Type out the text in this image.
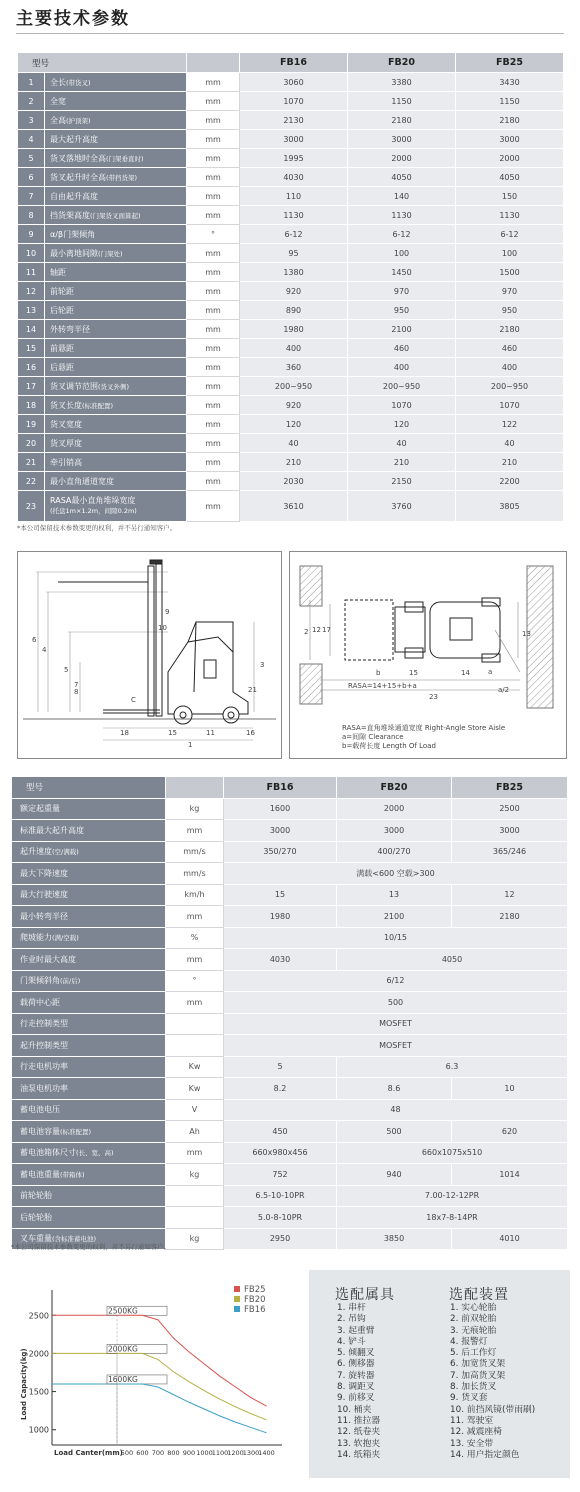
主要技术参数
型号			FB16	FB20	FB25
1	全长(带货叉)	mm	3060	3380	3430
2	全宽	mm	1070	1150	1150
3	全高(护顶架)	mm	2130	2180	2180
4	最大起升高度	mm	3000	3000	3000
5	货叉落地时全高(门架垂直时)	mm	1995	2000	2000
6	货叉起升时全高(带挡货架)	mm	4030	4050	4050
7	自由起升高度	mm	110	140	150
8	挡货架高度(门架货叉面算起)	mm	1130	1130	1130
9	α/β门架倾角	°	6-12	6-12	6-12
10	最小离地间隙(门架处)	mm	95	100	100
11	轴距	mm	1380	1450	1500
12	前轮距	mm	920	970	970
13	后轮距	mm	890	950	950
14	外转弯半径	mm	1980	2100	2180
15	前悬距	mm	400	460	460
16	后悬距	mm	360	400	400
17	货叉调节范围(货叉外侧)	mm	200~950	200~950	200~950
18	货叉长度(标准配置)	mm	920	1070	1070
19	货叉宽度	mm	120	120	122
20	货叉厚度	mm	40	40	40
21	牵引销高	mm	210	210	210
22	最小直角通道宽度	mm	2030	2150	2200
23	RASA最小直角堆垛宽度
(托盘1m×1.2m，间隙0.2m)	mm	3610	3760	3805
*本公司保留技术参数变更的权利，并不另行通知客户。
6
4
5
7
8
9
10
C
18	15	11	16
1
3
21
2 12 17	13
b	15	14	a
a/2
23
RASA=14+15+b+a
RASA=直角堆垛通道宽度 Right-Angle Store Aisle
a=间隙 Clearance
b=载荷长度 Length Of Load
型号		FB16	FB20	FB25
额定起重量	kg	1600	2000	2500
标准最大起升高度	mm	3000	3000	3000
起升速度(空/满载)	mm/s	350/270	400/270	365/246
最大下降速度	mm/s	满载<600 空载>300		
最大行驶速度	km/h	15	13	12
最小转弯半径	mm	1980	2100	2180
爬坡能力(满/空载)	%	10/15		
作业时最大高度	mm	4030	4050	
门架倾斜角(前/后)	°	6/12		
载荷中心距	mm	500		
行走控制类型		MOSFET		
起升控制类型		MOSFET		
行走电机功率	Kw	5	6.3	
油泵电机功率	Kw	8.2	8.6	10
蓄电池电压	V	48		
蓄电池容量(标准配置)	Ah	450	500	620
蓄电池箱体尺寸(长、宽、高)	mm	660x980x456	660x1075x510	
蓄电池重量(带箱体)	kg	752	940	1014
前轮轮胎		6.5-10-10PR	7.00-12-12PR	
后轮轮胎		5.0-8-10PR	18x7-8-14PR	
叉车重量(含标准蓄电池)	kg	2950	3850	4010
*本公司保留技术参数变更的权利，并不另行通知客户。
1000
1500
2000
2500
500 600 700 800 900 1000
1100
1200
1300
1400
Load Canter(mm)
Load Capacity(kg)
2500KG
2000KG
1600KG
FB25
FB20
FB16
选配属具
1. 串杆
2. 吊钩
3. 起重臂
4. 铲斗
5. 倾翻叉
6. 侧移器
7. 旋转器
8. 调距叉
9. 前移叉
10. 桶夹
11. 推拉器
12. 纸卷夹
13. 软抱夹
14. 纸箱夹
选配装置
1. 实心轮胎
2. 前双轮胎
3. 无痕轮胎
4. 报警灯
5. 后工作灯
6. 加宽货叉架
7. 加高货叉架
8. 加长货叉
9. 货叉套
10. 前挡风镜(带雨刷)
11. 驾驶室
12. 减震座椅
13. 安全带
14. 用户指定颜色
